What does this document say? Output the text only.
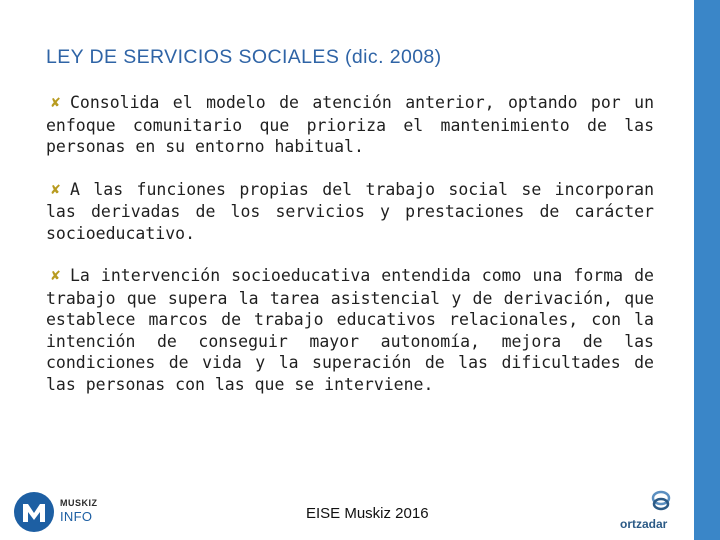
LEY DE SERVICIOS SOCIALES (dic. 2008)

✘ Consolida el modelo de atención anterior, optando por un enfoque comunitario que prioriza el mantenimiento de las personas en su entorno habitual.

✘ A las funciones propias del trabajo social se incorporan las derivadas de los servicios y prestaciones de carácter socioeducativo.

✘ La intervención socioeducativa entendida como una forma de trabajo que supera la tarea asistencial y de derivación, que establece marcos de trabajo educativos relacionales, con la intención de conseguir mayor autonomía, mejora de las condiciones de vida y la superación de las dificultades de las personas con las que se interviene.

MUSKIZ
INFO	EISE Muskiz 2016
ortzadar
